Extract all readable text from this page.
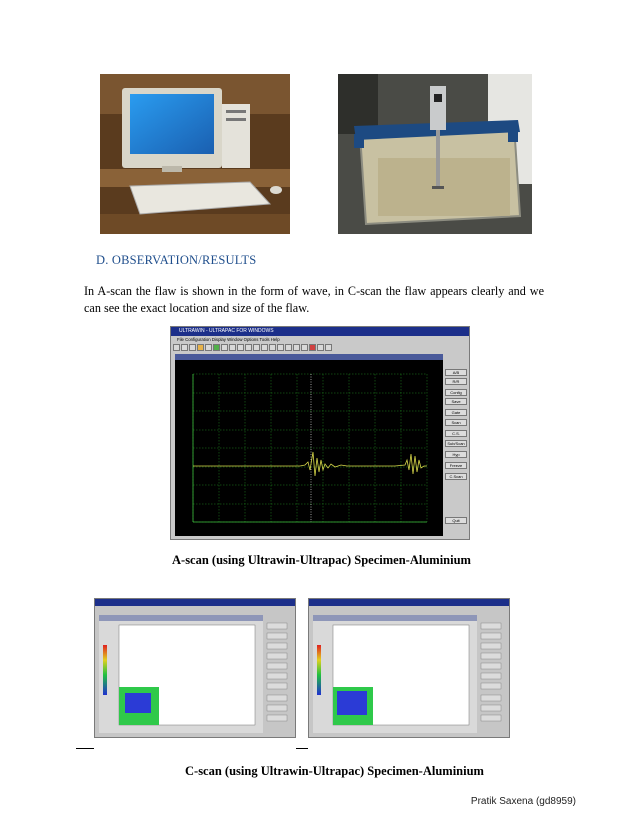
D. OBSERVATION/RESULTS
In A-scan the flaw is shown in the form of wave, in C-scan the flaw appears clearly and we can see the exact location and size of the flaw.
ULTRAWIN - ULTRAPAC FOR WINDOWS
File Configuration Display Window Options Tools Help
A/B
R/R
Config
Save
Gate
Scan
C.S.
Sub/Scan
Hyp
Freeze
C.Scan
Quit
A-scan (using Ultrawin-Ultrapac) Specimen-Aluminium
C-scan (using Ultrawin-Ultrapac) Specimen-Aluminium
Pratik Saxena (gd8959)
